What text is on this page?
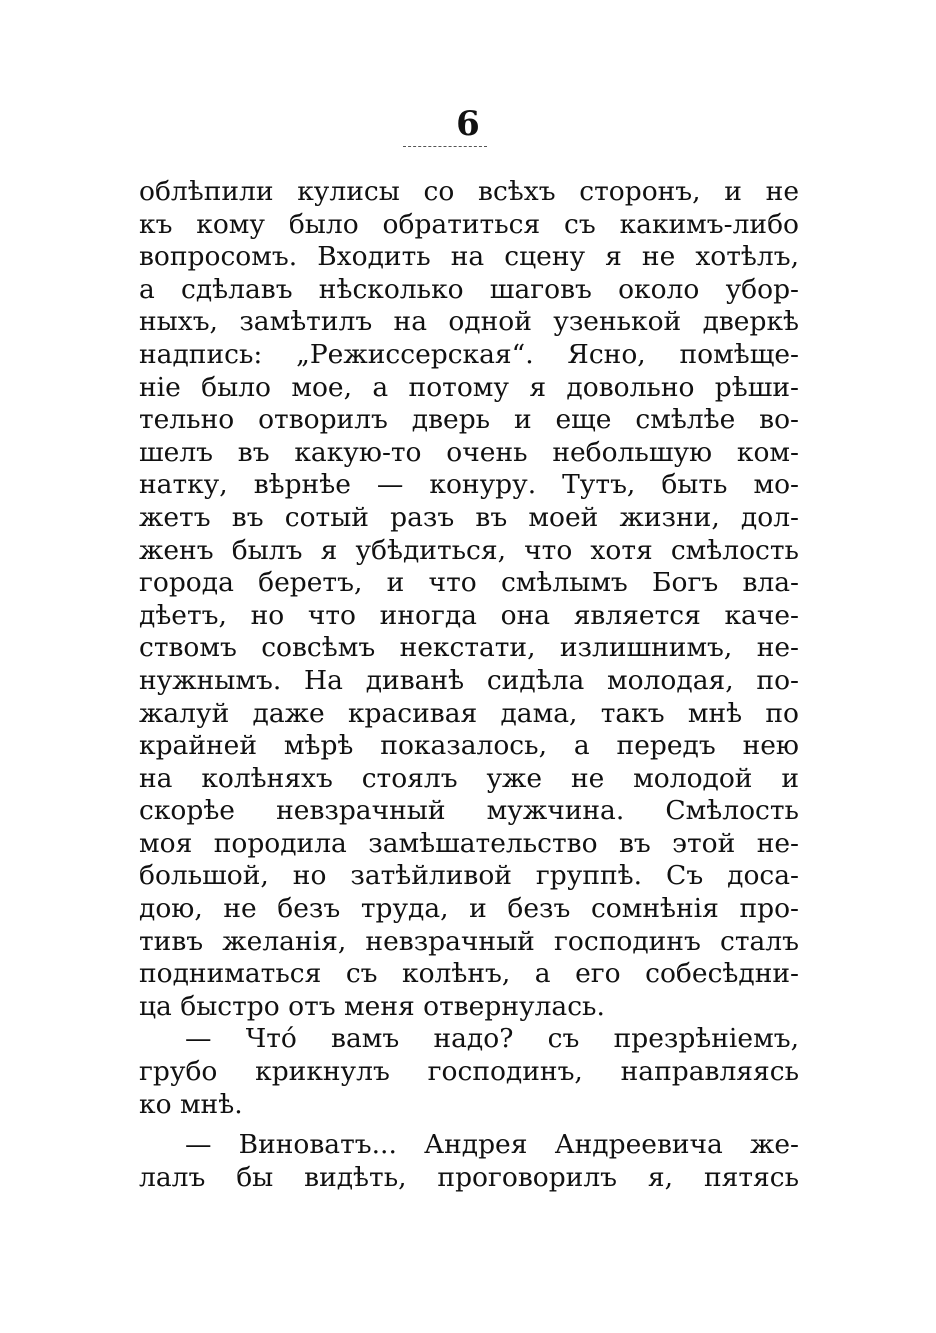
6
облѣпили кулисы со всѣхъ сторонъ, и не
къ кому было обратиться съ какимъ-либо
вопросомъ. Входить на сцену я не хотѣлъ,
а сдѣлавъ нѣсколько шаговъ около убор-
ныхъ, замѣтилъ на одной узенькой дверкѣ
надпись: „Режиссерская“. Ясно, помѣще-
ніе было мое, а потому я довольно рѣши-
тельно отворилъ дверь и еще смѣлѣе во-
шелъ въ какую-то очень небольшую ком-
натку, вѣрнѣе — конуру. Тутъ, быть мо-
жетъ въ сотый разъ въ моей жизни, дол-
женъ былъ я убѣдиться, что хотя смѣлость
города беретъ, и что смѣлымъ Богъ вла-
дѣетъ, но что иногда она является каче-
ствомъ совсѣмъ некстати, излишнимъ, не-
нужнымъ. На диванѣ сидѣла молодая, по-
жалуй даже красивая дама, такъ мнѣ по
крайней мѣрѣ показалось, а передъ нею
на колѣняхъ стоялъ уже не молодой и
скорѣе невзрачный мужчина. Смѣлость
моя породила замѣшательство въ этой не-
большой, но затѣйливой группѣ. Съ доса-
дою, не безъ труда, и безъ сомнѣнія про-
тивъ желанія, невзрачный господинъ сталъ
подниматься съ колѣнъ, а его собесѣдни-
ца быстро отъ меня отвернулась.
— Чтó вамъ надо? съ презрѣніемъ,
грубо крикнулъ господинъ, направляясь
ко мнѣ.
— Виноватъ... Андрея Андреевича же-
лалъ бы видѣть, проговорилъ я, пятясь
